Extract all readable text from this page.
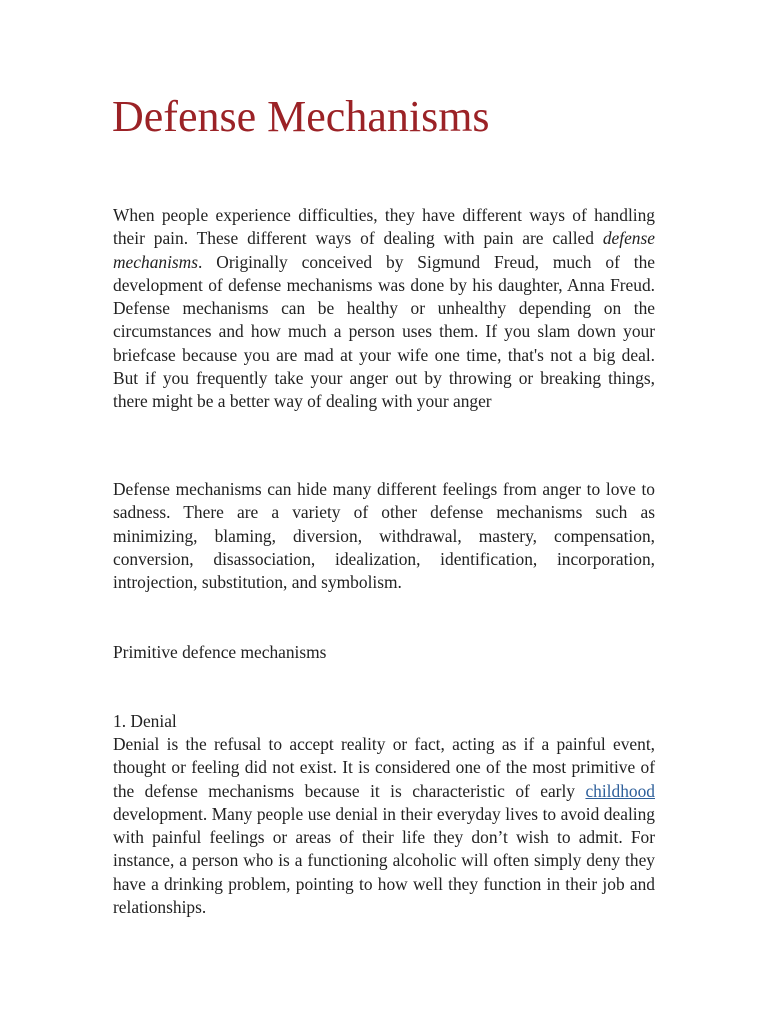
Defense Mechanisms

When people experience difficulties, they have different ways of handling their pain. These different ways of dealing with pain are called defense mechanisms. Originally conceived by Sigmund Freud, much of the development of defense mechanisms was done by his daughter, Anna Freud. Defense mechanisms can be healthy or unhealthy depending on the circumstances and how much a person uses them. If you slam down your briefcase because you are mad at your wife one time, that's not a big deal. But if you frequently take your anger out by throwing or breaking things, there might be a better way of dealing with your anger

Defense mechanisms can hide many different feelings from anger to love to sadness. There are a variety of other defense mechanisms such as minimizing, blaming, diversion, withdrawal, mastery, compensation, conversion, disassociation, idealization, identification, incorporation, introjection, substitution, and symbolism.

Primitive defence mechanisms

1. Denial

Denial is the refusal to accept reality or fact, acting as if a painful event, thought or feeling did not exist. It is considered one of the most primitive of the defense mechanisms because it is characteristic of early childhood development. Many people use denial in their everyday lives to avoid dealing with painful feelings or areas of their life they don’t wish to admit. For instance, a person who is a functioning alcoholic will often simply deny they have a drinking problem, pointing to how well they function in their job and relationships.
